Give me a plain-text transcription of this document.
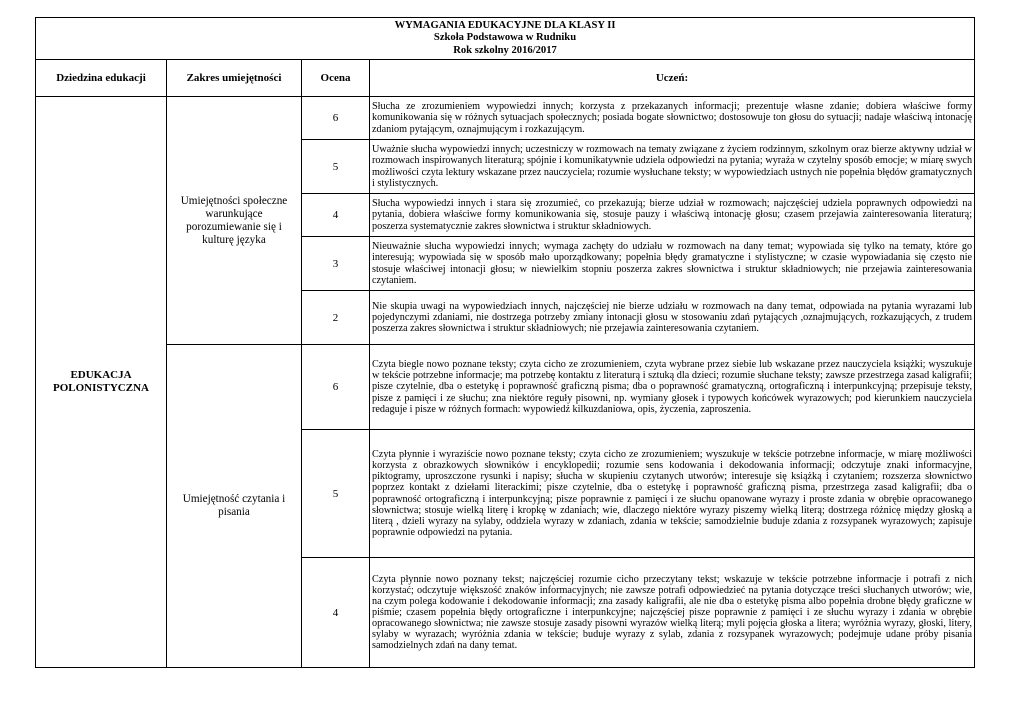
WYMAGANIA EDUKACYJNE DLA KLASY II
Szkoła Podstawowa w Rudniku
Rok szkolny 2016/2017			

Dziedzina edukacji	Zakres umiejętności	Ocena	Uczeń:
EDUKACJA POLONISTYCZNA	Umiejętności społeczne warunkujące porozumiewanie się i kulturę języka	6	Słucha ze zrozumieniem wypowiedzi innych; korzysta z przekazanych informacji; prezentuje własne zdanie; dobiera właściwe formy komunikowania się w różnych sytuacjach społecznych; posiada bogate słownictwo; dostosowuje ton głosu do sytuacji; nadaje właściwą intonację zdaniom pytającym, oznajmującym i rozkazującym.
		5	Uważnie słucha wypowiedzi innych; uczestniczy w rozmowach na tematy związane z życiem rodzinnym, szkolnym oraz bierze aktywny udział w rozmowach inspirowanych literaturą; spójnie i komunikatywnie udziela odpowiedzi na pytania; wyraża w czytelny sposób emocje; w miarę swych możliwości czyta lektury wskazane przez nauczyciela; rozumie wysłuchane teksty; w wypowiedziach ustnych nie popełnia błędów gramatycznych i stylistycznych.
		4	Słucha wypowiedzi innych i stara się zrozumieć, co przekazują; bierze udział w rozmowach; najczęściej udziela poprawnych odpowiedzi na pytania, dobiera właściwe formy komunikowania się, stosuje pauzy i właściwą intonację głosu; czasem przejawia zainteresowania literaturą; poszerza systematycznie zakres słownictwa i struktur składniowych.
		3	Nieuważnie słucha wypowiedzi innych; wymaga zachęty do udziału w rozmowach na dany temat; wypowiada się tylko na tematy, które go interesują; wypowiada się w sposób mało uporządkowany; popełnia błędy gramatyczne i stylistyczne; w czasie wypowiadania się często nie stosuje właściwej intonacji głosu; w niewielkim stopniu poszerza zakres słownictwa i struktur składniowych; nie przejawia zainteresowania czytaniem.
		2	Nie skupia uwagi na wypowiedziach innych, najczęściej nie bierze udziału w rozmowach na dany temat, odpowiada na pytania wyrazami lub pojedynczymi zdaniami, nie dostrzega potrzeby zmiany intonacji głosu w stosowaniu zdań pytających ,oznajmujących, rozkazujących, z trudem poszerza zakres słownictwa i struktur składniowych; nie przejawia zainteresowania czytaniem.
	Umiejętność czytania i pisania	6	Czyta biegle nowo poznane teksty; czyta cicho ze zrozumieniem, czyta wybrane przez siebie lub wskazane przez nauczyciela książki; wyszukuje w tekście potrzebne informacje; ma potrzebę kontaktu z literaturą i sztuką dla dzieci; rozumie słuchane teksty; zawsze przestrzega zasad kaligrafii; pisze czytelnie, dba o estetykę i poprawność graficzną pisma; dba o poprawność gramatyczną, ortograficzną i interpunkcyjną; przepisuje teksty, pisze z pamięci i ze słuchu; zna niektóre reguły pisowni, np. wymiany głosek i typowych końcówek wyrazowych; pod kierunkiem nauczyciela redaguje i pisze w różnych formach: wypowiedź kilkuzdaniowa, opis, życzenia, zaproszenia.
		5	Czyta płynnie i wyraziście nowo poznane teksty; czyta cicho ze zrozumieniem; wyszukuje w tekście potrzebne informacje, w miarę możliwości korzysta z obrazkowych słowników i encyklopedii; rozumie sens kodowania i dekodowania informacji; odczytuje znaki informacyjne, piktogramy, uproszczone rysunki i napisy; słucha w skupieniu czytanych utworów; interesuje się książką i czytaniem; rozszerza słownictwo poprzez kontakt z dziełami literackimi; pisze czytelnie, dba o estetykę i poprawność graficzną pisma, przestrzega zasad kaligrafii; dba o poprawność ortograficzną i interpunkcyjną; pisze poprawnie z pamięci i ze słuchu opanowane wyrazy i proste zdania w obrębie opracowanego słownictwa; stosuje wielką literę i kropkę w zdaniach; wie, dlaczego niektóre wyrazy piszemy wielką literą; dostrzega różnicę między głoską a literą , dzieli wyrazy na sylaby, oddziela wyrazy w zdaniach, zdania w tekście; samodzielnie buduje zdania z rozsypanek wyrazowych; zapisuje poprawnie odpowiedzi na pytania.
		4	Czyta płynnie nowo poznany tekst; najczęściej rozumie cicho przeczytany tekst; wskazuje w tekście potrzebne informacje i potrafi z nich korzystać; odczytuje większość znaków informacyjnych; nie zawsze potrafi odpowiedzieć na pytania dotyczące treści słuchanych utworów; wie, na czym polega kodowanie i dekodowanie informacji; zna zasady kaligrafii, ale nie dba o estetykę pisma albo popełnia drobne błędy graficzne w piśmie; czasem popełnia błędy ortograficzne i interpunkcyjne; najczęściej pisze poprawnie z pamięci i ze słuchu wyrazy i zdania w obrębie opracowanego słownictwa; nie zawsze stosuje zasady pisowni wyrazów wielką literą; myli pojęcia głoska a litera; wyróżnia wyrazy, głoski, litery, sylaby w wyrazach; wyróżnia zdania w tekście; buduje wyrazy z sylab, zdania z rozsypanek wyrazowych; podejmuje udane próby pisania samodzielnych zdań na dany temat.
